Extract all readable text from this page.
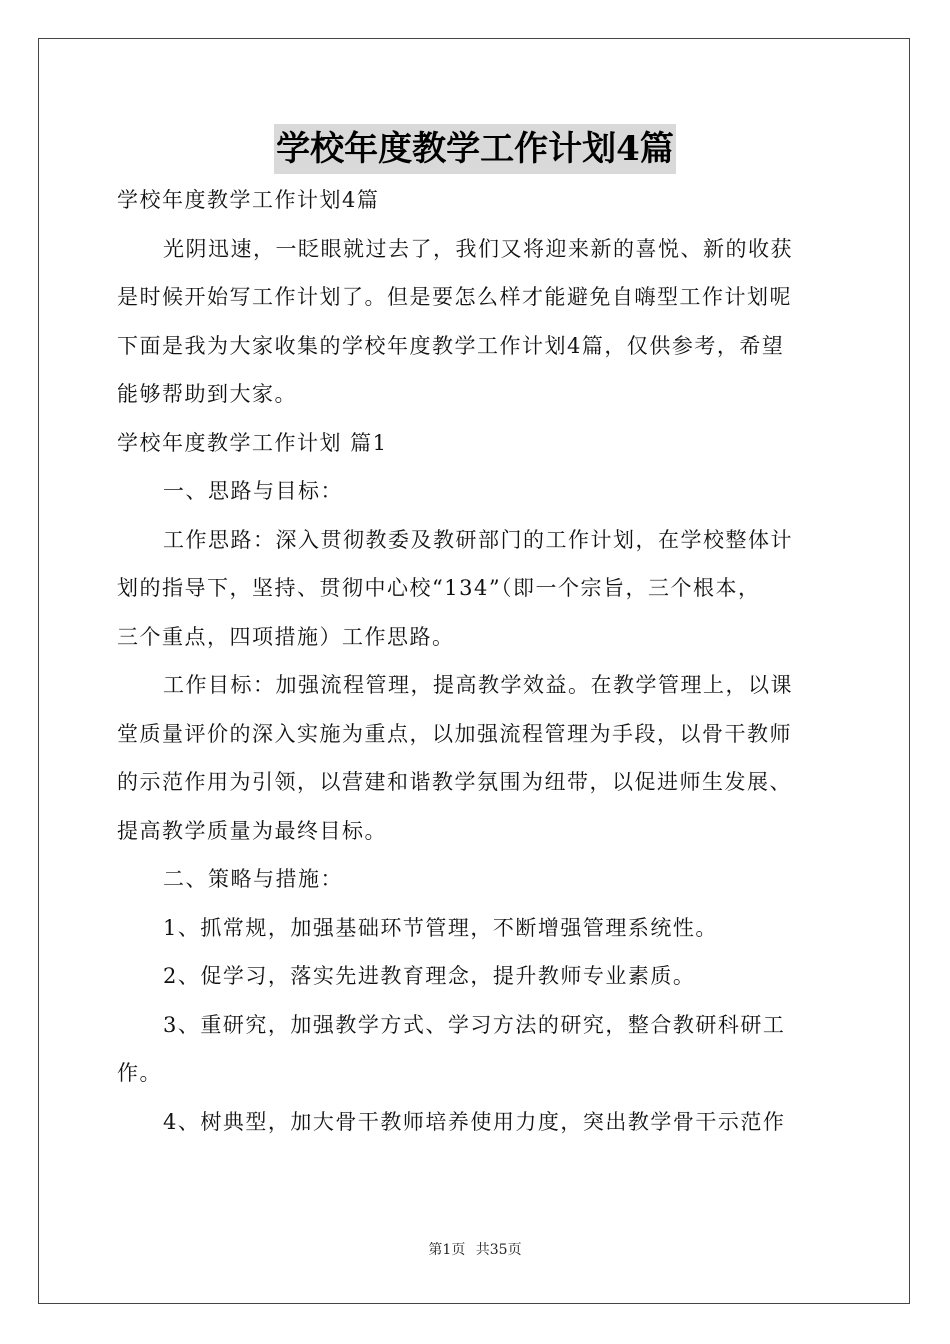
学校年度教学工作计划4篇

学校年度教学工作计划4篇

光阴迅速，一眨眼就过去了，我们又将迎来新的喜悦、新的收获

是时候开始写工作计划了。但是要怎么样才能避免自嗨型工作计划呢

下面是我为大家收集的学校年度教学工作计划4篇，仅供参考，希望

能够帮助到大家。

学校年度教学工作计划 篇1

一、思路与目标：

工作思路：深入贯彻教委及教研部门的工作计划，在学校整体计

划的指导下，坚持、贯彻中心校“134”（即一个宗旨，三个根本，

三个重点，四项措施）工作思路。

工作目标：加强流程管理，提高教学效益。在教学管理上，以课

堂质量评价的深入实施为重点，以加强流程管理为手段，以骨干教师

的示范作用为引领，以营建和谐教学氛围为纽带，以促进师生发展、

提高教学质量为最终目标。

二、策略与措施：

1、抓常规，加强基础环节管理，不断增强管理系统性。

2、促学习，落实先进教育理念，提升教师专业素质。

3、重研究，加强教学方式、学习方法的研究，整合教研科研工

作。

4、树典型，加大骨干教师培养使用力度，突出教学骨干示范作

第1页 共35页
